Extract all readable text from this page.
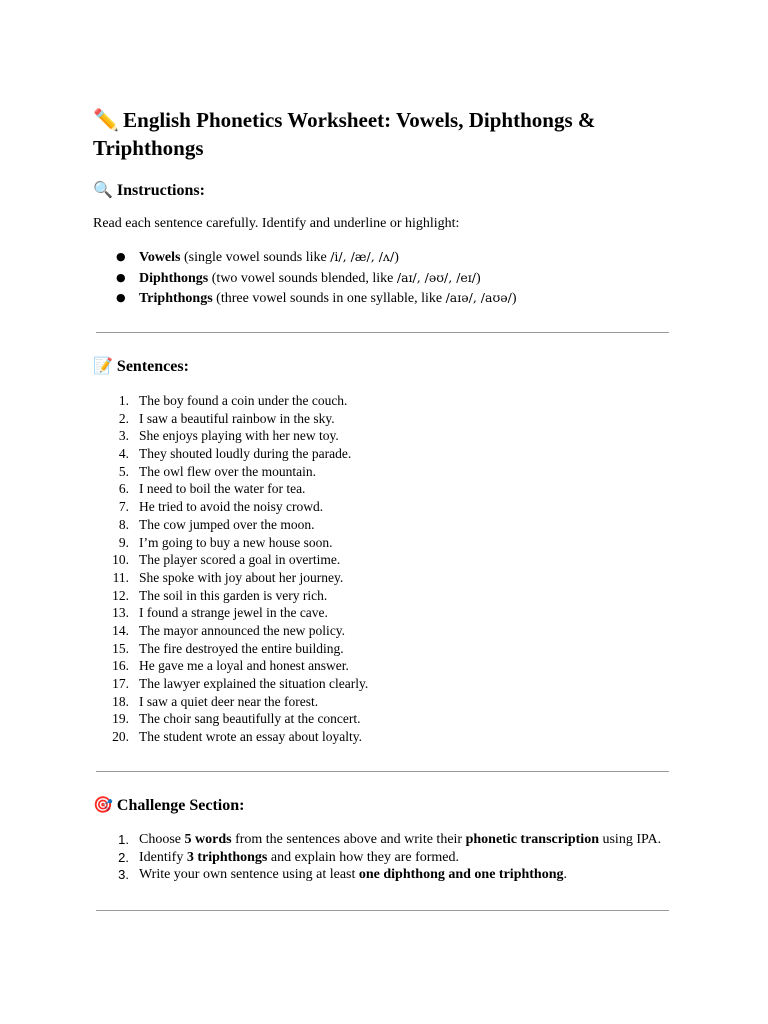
✏️ English Phonetics Worksheet: Vowels, Diphthongs & Triphthongs
🔍 Instructions:

Read each sentence carefully. Identify and underline or highlight:

● Vowels (single vowel sounds like /i/, /æ/, /ʌ/)
● Diphthongs (two vowel sounds blended, like /aɪ/, /əʊ/, /eɪ/)
● Triphthongs (three vowel sounds in one syllable, like /aɪə/, /aʊə/)
📝 Sentences:
1. The boy found a coin under the couch.
2. I saw a beautiful rainbow in the sky.
3. She enjoys playing with her new toy.
4. They shouted loudly during the parade.
5. The owl flew over the mountain.
6. I need to boil the water for tea.
7. He tried to avoid the noisy crowd.
8. The cow jumped over the moon.
9. I’m going to buy a new house soon.
10. The player scored a goal in overtime.
11. She spoke with joy about her journey.
12. The soil in this garden is very rich.
13. I found a strange jewel in the cave.
14. The mayor announced the new policy.
15. The fire destroyed the entire building.
16. He gave me a loyal and honest answer.
17. The lawyer explained the situation clearly.
18. I saw a quiet deer near the forest.
19. The choir sang beautifully at the concert.
20. The student wrote an essay about loyalty.
🎯 Challenge Section:
1. Choose 5 words from the sentences above and write their phonetic transcription using IPA.
2. Identify 3 triphthongs and explain how they are formed.
3. Write your own sentence using at least one diphthong and one triphthong.
